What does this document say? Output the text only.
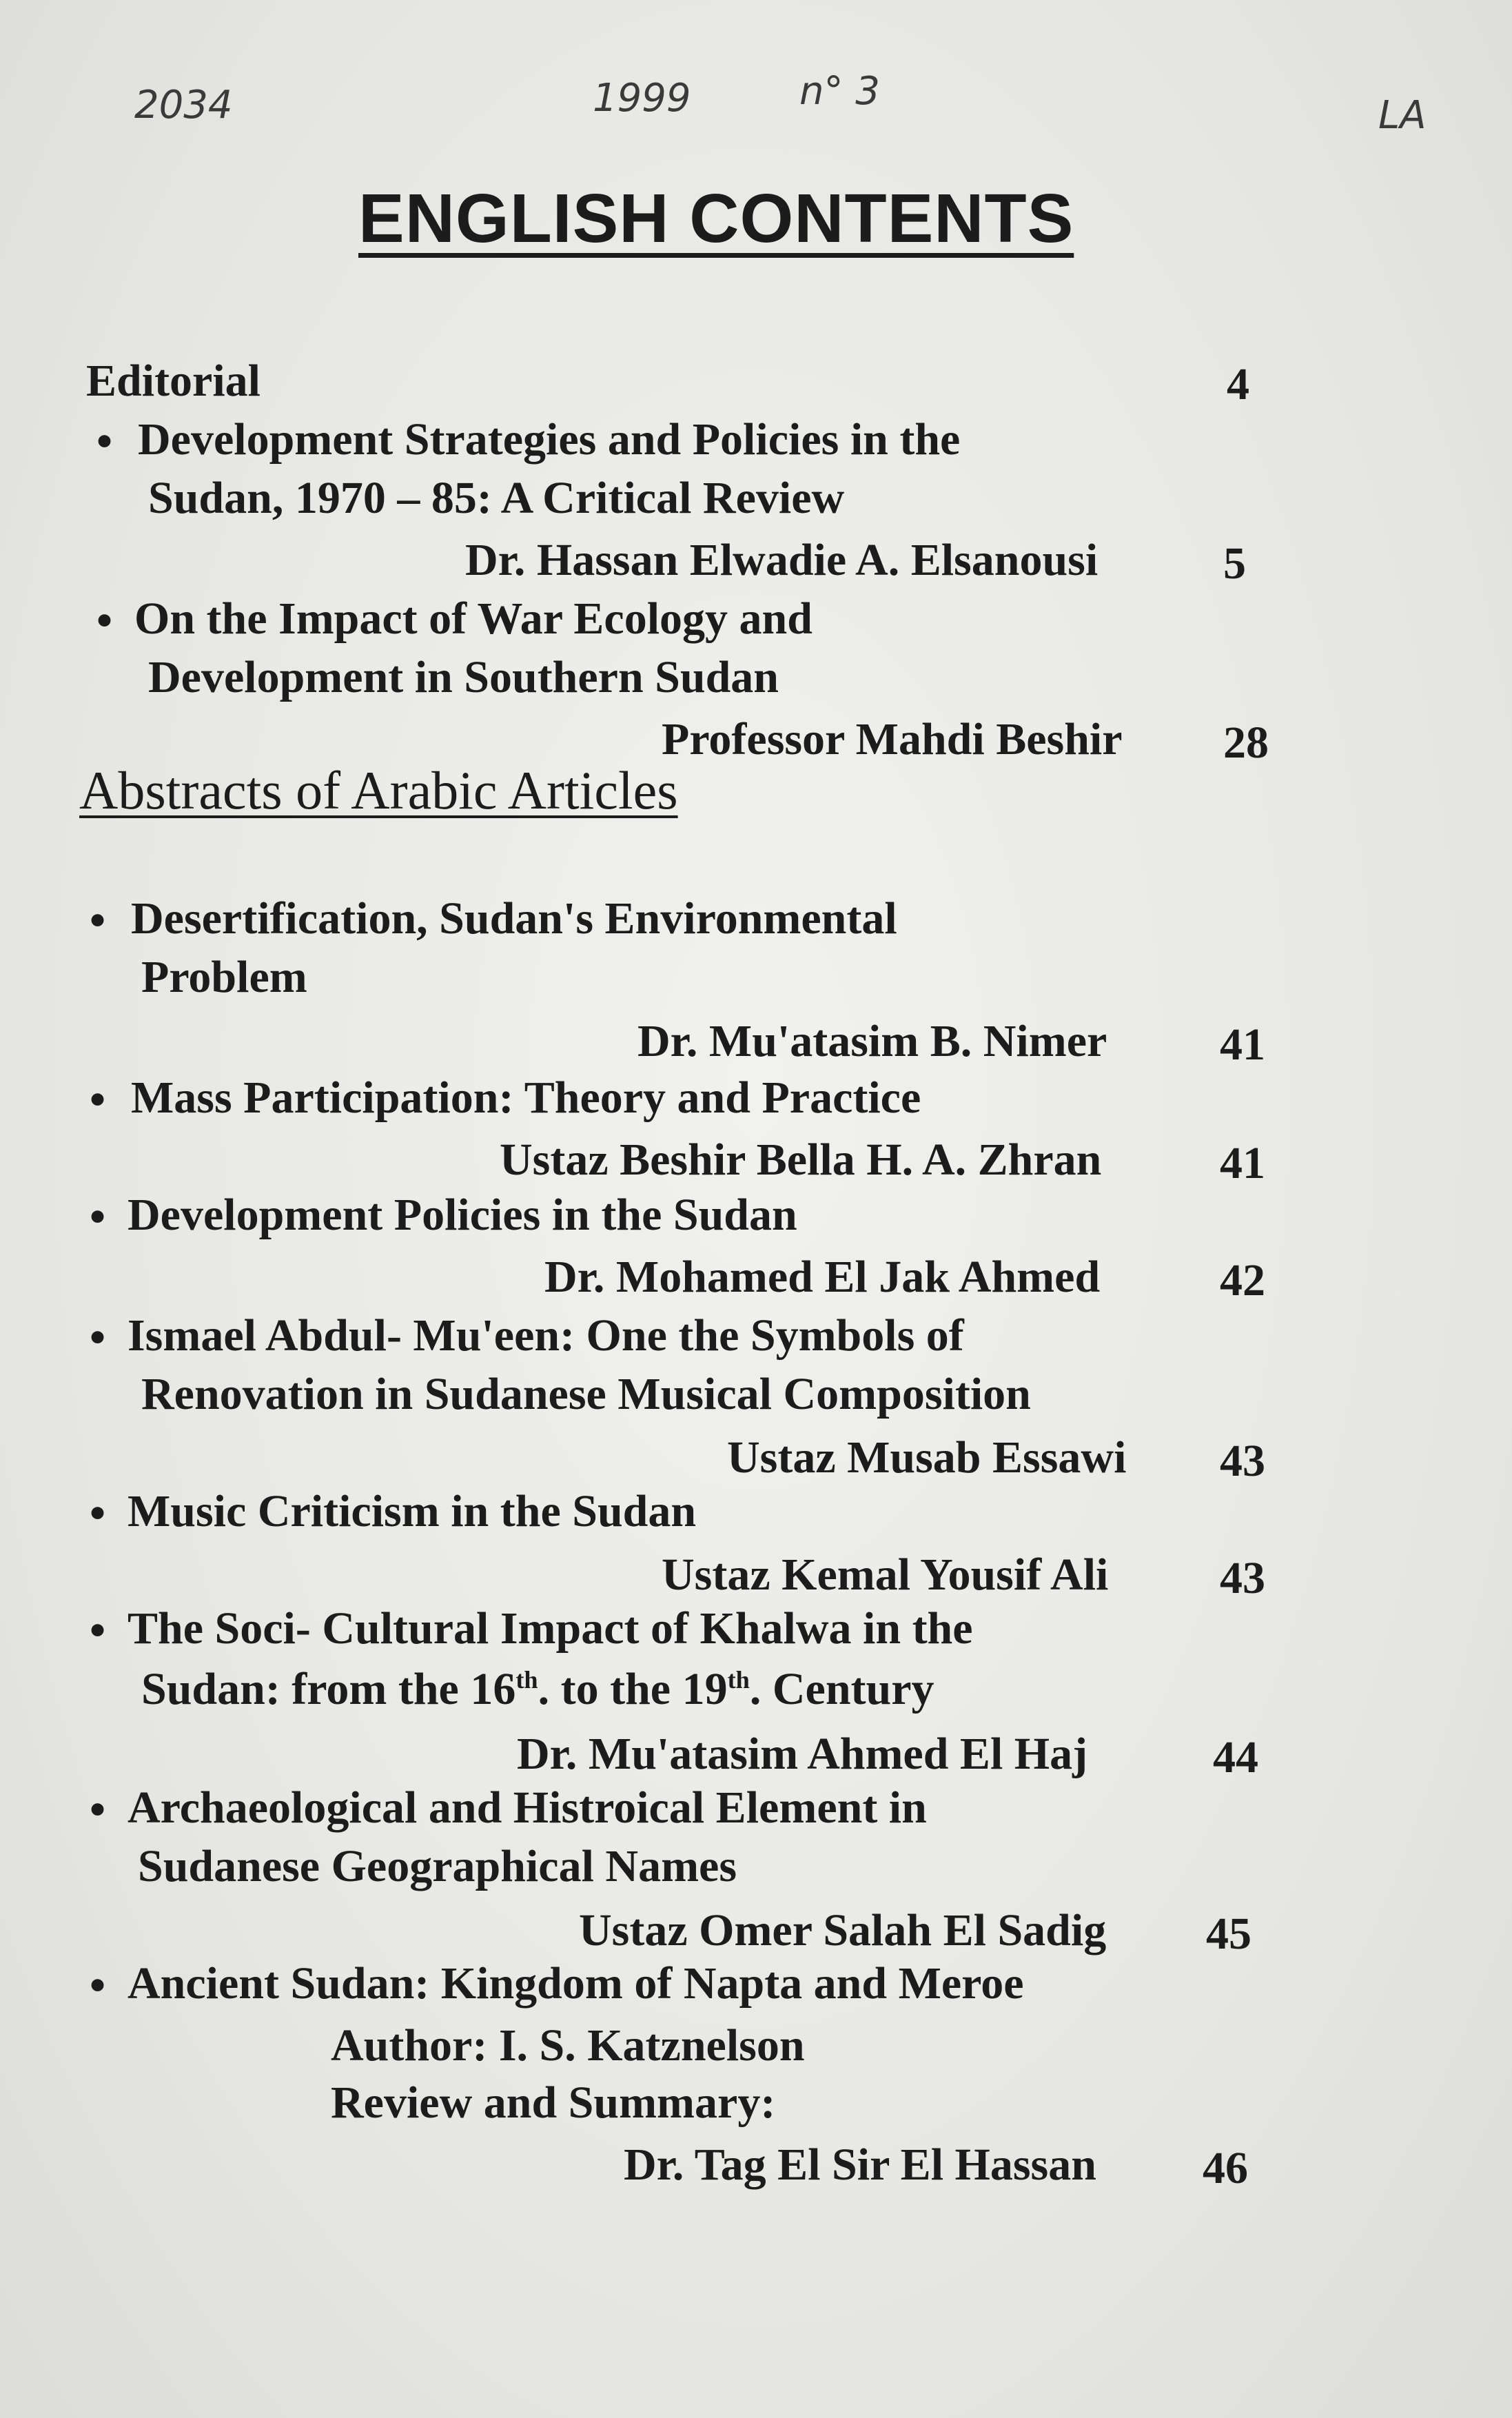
2034	1999	n° 3
LA
ENGLISH CONTENTS
Editorial	4
• Development Strategies and Policies in the
Sudan, 1970 – 85: A Critical Review
Dr. Hassan Elwadie A. Elsanousi	5
• On the Impact of War Ecology and
Development in Southern Sudan
Professor Mahdi Beshir 28
Abstracts of Arabic Articles
• Desertification, Sudan's Environmental
Problem
Dr. Mu'atasim B. Nimer 41
• Mass Participation: Theory and Practice
Ustaz Beshir Bella H. A. Zhran	41
• Development Policies in the Sudan
Dr. Mohamed El Jak Ahmed	42
• Ismael Abdul- Mu'een: One the Symbols of
Renovation in Sudanese Musical Composition
Ustaz Musab Essawi 43
• Music Criticism in the Sudan
Ustaz Kemal Yousif Ali 43
• The Soci- Cultural Impact of Khalwa in the
Sudan: from the 16th. to the 19th. Century
Dr. Mu'atasim Ahmed El Haj	44
• Archaeological and Histroical Element in
Sudanese Geographical Names
Ustaz Omer Salah El Sadig 45
• Ancient Sudan: Kingdom of Napta and Meroe
Author: I. S. Katznelson
Review and Summary:
Dr. Tag El Sir El Hassan 46
